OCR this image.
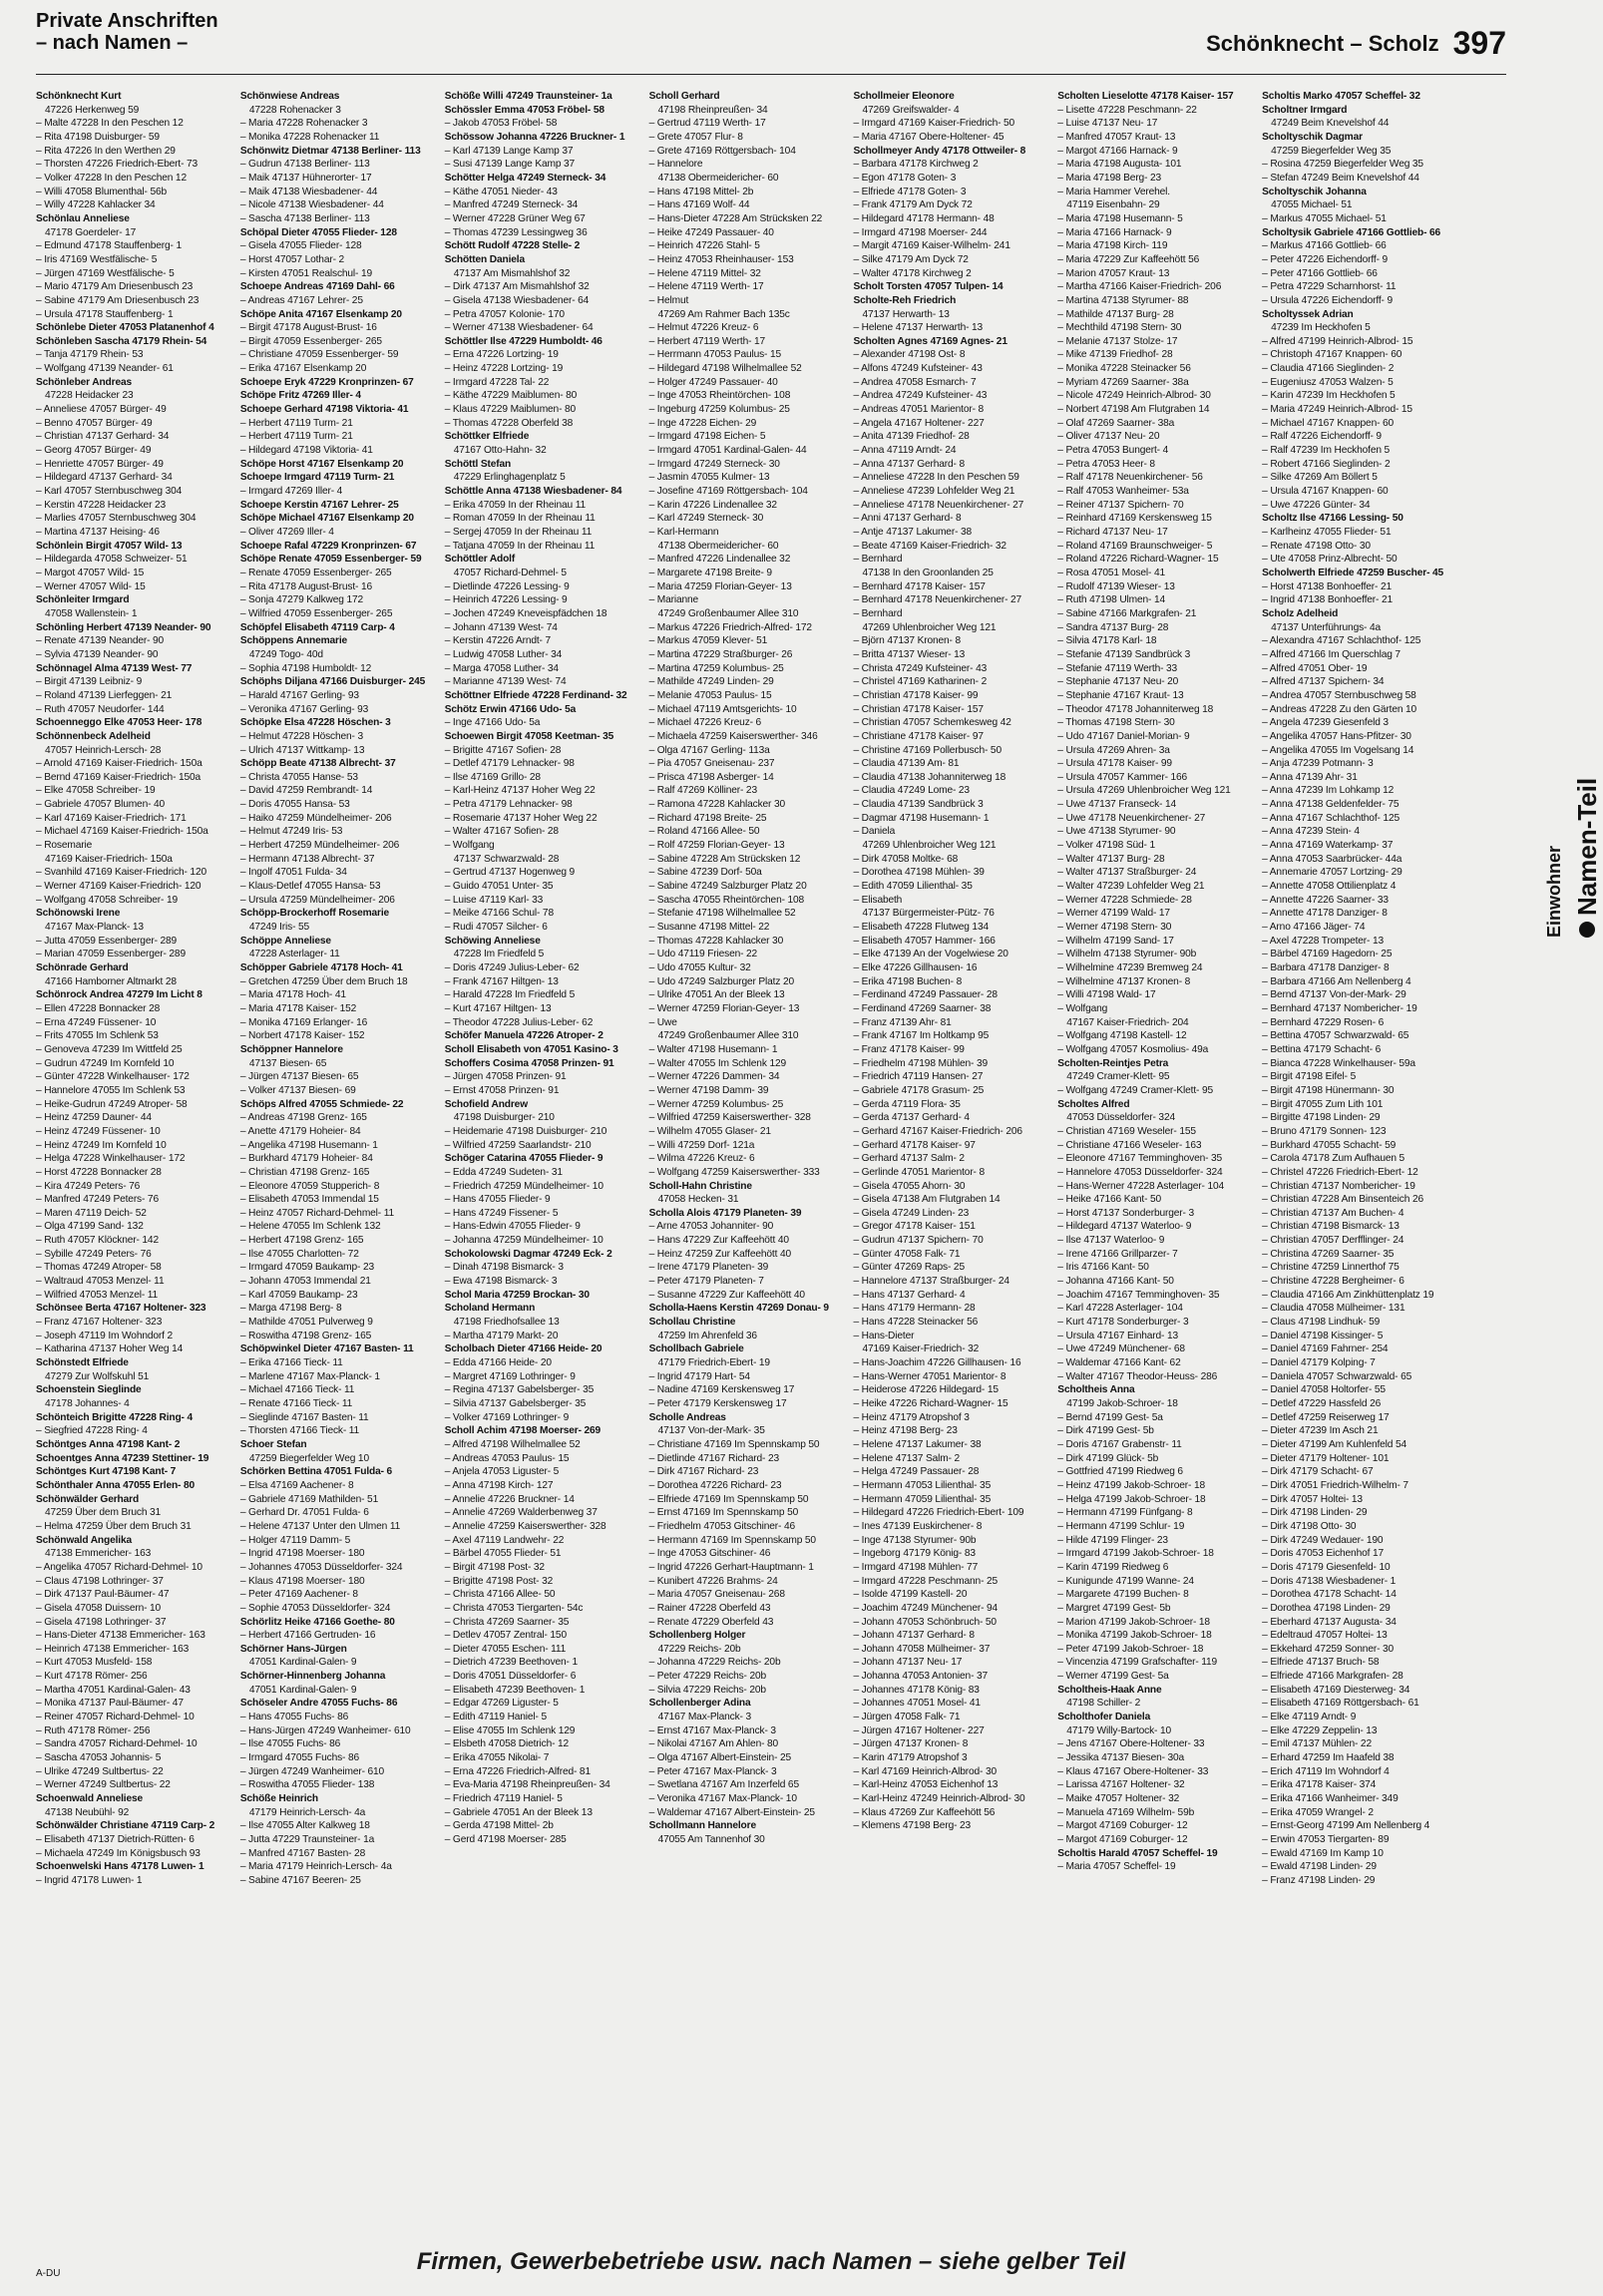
Private Anschriften
– nach Namen –	Schönknecht – Scholz 397
Schönknecht Kurt
47226 Herkenweg 59
– Malte 47228 In den Peschen 12
– Rita 47198 Duisburger- 59
– Rita 47226 In den Werthen 29
– Thorsten 47226 Friedrich-Ebert- 73
– Volker 47228 In den Peschen 12
– Willi 47058 Blumenthal- 56b
– Willy 47228 Kahlacker 34
Schönlau Anneliese
47178 Goerdeler- 17
– Edmund 47178 Stauffenberg- 1
– Iris 47169 Westfälische- 5
– Jürgen 47169 Westfälische- 5
– Mario 47179 Am Driesenbusch 23
– Sabine 47179 Am Driesenbusch 23
– Ursula 47178 Stauffenberg- 1
Schönlebe Dieter 47053 Platanenhof 4
Schönleben Sascha 47179 Rhein- 54
– Tanja 47179 Rhein- 53
– Wolfgang 47139 Neander- 61
Schönleber Andreas
47228 Heidacker 23
– Anneliese 47057 Bürger- 49
– Benno 47057 Bürger- 49
– Christian 47137 Gerhard- 34
– Georg 47057 Bürger- 49
– Henriette 47057 Bürger- 49
– Hildegard 47137 Gerhard- 34
– Karl 47057 Sternbuschweg 304
– Kerstin 47228 Heidacker 23
– Marlies 47057 Sternbuschweg 304
– Martina 47137 Heising- 46
Schönlein Birgit 47057 Wild- 13
– Hildegarda 47058 Schweizer- 51
– Margot 47057 Wild- 15
– Werner 47057 Wild- 15
Schönleiter Irmgard
47058 Wallenstein- 1
Schönling Herbert 47139 Neander- 90
– Renate 47139 Neander- 90
– Sylvia 47139 Neander- 90
Schönnagel Alma 47139 West- 77
– Birgit 47139 Leibniz- 9
– Roland 47139 Lierfeggen- 21
– Ruth 47057 Neudorfer- 144
Schoenneggo Elke 47053 Heer- 178
Schönnenbeck Adelheid
47057 Heinrich-Lersch- 28
– Arnold 47169 Kaiser-Friedrich- 150a
– Bernd 47169 Kaiser-Friedrich- 150a
– Elke 47058 Schreiber- 19
– Gabriele 47057 Blumen- 40
– Karl 47169 Kaiser-Friedrich- 171
– Michael 47169 Kaiser-Friedrich- 150a
– Rosemarie
47169 Kaiser-Friedrich- 150a
– Svanhild 47169 Kaiser-Friedrich- 120
– Werner 47169 Kaiser-Friedrich- 120
– Wolfgang 47058 Schreiber- 19
Schönowski Irene
47167 Max-Planck- 13
– Jutta 47059 Essenberger- 289
– Marian 47059 Essenberger- 289
Schönrade Gerhard
47166 Hamborner Altmarkt 28
Schönrock Andrea 47279 Im Licht 8
– Ellen 47228 Bonnacker 28
– Erna 47249 Füssener- 10
– Frits 47055 Im Schlenk 53
– Genoveva 47239 Im Wittfeld 25
– Gudrun 47249 Im Kornfeld 10
– Günter 47228 Winkelhauser- 172
– Hannelore 47055 Im Schlenk 53
– Heike-Gudrun 47249 Atroper- 58
– Heinz 47259 Dauner- 44
– Heinz 47249 Füssener- 10
– Heinz 47249 Im Kornfeld 10
– Helga 47228 Winkelhauser- 172
– Horst 47228 Bonnacker 28
– Kira 47249 Peters- 76
– Manfred 47249 Peters- 76
– Maren 47119 Deich- 52
– Olga 47199 Sand- 132
– Ruth 47057 Klöckner- 142
– Sybille 47249 Peters- 76
– Thomas 47249 Atroper- 58
– Waltraud 47053 Menzel- 11
– Wilfried 47053 Menzel- 11
Schönsee Berta 47167 Holtener- 323
– Franz 47167 Holtener- 323
– Joseph 47119 Im Wohndorf 2
– Katharina 47137 Hoher Weg 14
Schönstedt Elfriede
47279 Zur Wolfskuhl 51
Schoenstein Sieglinde
47178 Johannes- 4
Schönteich Brigitte 47228 Ring- 4
– Siegfried 47228 Ring- 4
Schöntges Anna 47198 Kant- 2
Schoentges Anna 47239 Stettiner- 19
Schöntges Kurt 47198 Kant- 7
Schönthaler Anna 47055 Erlen- 80
Schönwälder Gerhard
47259 Über dem Bruch 31
– Helma 47259 Über dem Bruch 31
Schönwald Angelika
47138 Emmericher- 163
– Angelika 47057 Richard-Dehmel- 10
– Claus 47198 Lothringer- 37
– Dirk 47137 Paul-Bäumer- 47
– Gisela 47058 Duissern- 10
– Gisela 47198 Lothringer- 37
– Hans-Dieter 47138 Emmericher- 163
– Heinrich 47138 Emmericher- 163
– Kurt 47053 Musfeld- 158
– Kurt 47178 Römer- 256
– Martha 47051 Kardinal-Galen- 43
– Monika 47137 Paul-Bäumer- 47
– Reiner 47057 Richard-Dehmel- 10
– Ruth 47178 Römer- 256
– Sandra 47057 Richard-Dehmel- 10
– Sascha 47053 Johannis- 5
– Ulrike 47249 Sultbertus- 22
– Werner 47249 Sultbertus- 22
Schoenwald Anneliese
47138 Neubühl- 92
Schönwälder Christiane 47119 Carp- 2
– Elisabeth 47137 Dietrich-Rütten- 6
– Michaela 47249 Im Königsbusch 93
Schoenwelski Hans 47178 Luwen- 1
– Ingrid 47178 Luwen- 1
Schönwiese Andreas
47228 Rohenacker 3
– Maria 47228 Rohenacker 3
– Monika 47228 Rohenacker 11
Schönwitz Dietmar 47138 Berliner- 113
– Gudrun 47138 Berliner- 113
– Maik 47137 Hühnerorter- 17
– Maik 47138 Wiesbadener- 44
– Nicole 47138 Wiesbadener- 44
– Sascha 47138 Berliner- 113
Schöpal Dieter 47055 Flieder- 128
– Gisela 47055 Flieder- 128
– Horst 47057 Lothar- 2
– Kirsten 47051 Realschul- 19
Schoepe Andreas 47169 Dahl- 66
– Andreas 47167 Lehrer- 25
Schöpe Anita 47167 Elsenkamp 20
– Birgit 47178 August-Brust- 16
– Birgit 47059 Essenberger- 265
– Christiane 47059 Essenberger- 59
– Erika 47167 Elsenkamp 20
Schoepe Eryk 47229 Kronprinzen- 67
Schöpe Fritz 47269 Iller- 4
Schoepe Gerhard 47198 Viktoria- 41
– Herbert 47119 Turm- 21
– Herbert 47119 Turm- 21
– Hildegard 47198 Viktoria- 41
Schöpe Horst 47167 Elsenkamp 20
Schoepe Irmgard 47119 Turm- 21
– Irmgard 47269 Iller- 4
Schoepe Kerstin 47167 Lehrer- 25
Schöpe Michael 47167 Elsenkamp 20
– Oliver 47269 Iller- 4
Schoepe Rafal 47229 Kronprinzen- 67
Schöpe Renate 47059 Essenberger- 59
– Renate 47059 Essenberger- 265
– Rita 47178 August-Brust- 16
– Sonja 47279 Kalkweg 172
– Wilfried 47059 Essenberger- 265
Schöpfel Elisabeth 47119 Carp- 4
Schöppens Annemarie
47249 Togo- 40d
– Sophia 47198 Humboldt- 12
Schöphs Diljana 47166 Duisburger- 245
– Harald 47167 Gerling- 93
– Veronika 47167 Gerling- 93
Schöpke Elsa 47228 Höschen- 3
– Helmut 47228 Höschen- 3
– Ulrich 47137 Wittkamp- 13
Schöpp Beate 47138 Albrecht- 37
– Christa 47055 Hanse- 53
– David 47259 Rembrandt- 14
– Doris 47055 Hansa- 53
– Haiko 47259 Mündelheimer- 206
– Helmut 47249 Iris- 53
– Herbert 47259 Mündelheimer- 206
– Hermann 47138 Albrecht- 37
– Ingolf 47051 Fulda- 34
– Klaus-Detlef 47055 Hansa- 53
– Ursula 47259 Mündelheimer- 206
Schöpp-Brockerhoff Rosemarie
47249 Iris- 55
Schöppe Anneliese
47228 Asterlager- 11
Schöpper Gabriele 47178 Hoch- 41
– Gretchen 47259 Über dem Bruch 18
– Maria 47178 Hoch- 41
– Maria 47178 Kaiser- 152
– Monika 47169 Erlanger- 16
– Norbert 47178 Kaiser- 152
Schöppner Hannelore
47137 Biesen- 65
– Jürgen 47137 Biesen- 65
– Volker 47137 Biesen- 69
Schöps Alfred 47055 Schmiede- 22
– Andreas 47198 Grenz- 165
– Anette 47179 Hoheier- 84
– Angelika 47198 Husemann- 1
– Burkhard 47179 Hoheier- 84
– Christian 47198 Grenz- 165
– Eleonore 47059 Stupperich- 8
– Elisabeth 47053 Immendal 15
– Heinz 47057 Richard-Dehmel- 11
– Helene 47055 Im Schlenk 132
– Herbert 47198 Grenz- 165
– Ilse 47055 Charlotten- 72
– Irmgard 47059 Baukamp- 23
– Johann 47053 Immendal 21
– Karl 47059 Baukamp- 23
– Marga 47198 Berg- 8
– Mathilde 47051 Pulverweg 9
– Roswitha 47198 Grenz- 165
Schöpwinkel Dieter 47167 Basten- 11
– Erika 47166 Tieck- 11
– Marlene 47167 Max-Planck- 1
– Michael 47166 Tieck- 11
– Renate 47166 Tieck- 11
– Sieglinde 47167 Basten- 11
– Thorsten 47166 Tieck- 11
Schoer Stefan
47259 Biegerfelder Weg 10
Schörken Bettina 47051 Fulda- 6
– Elsa 47169 Aachener- 8
– Gabriele 47169 Mathilden- 51
– Gerhard Dr. 47051 Fulda- 6
– Helene 47137 Unter den Ulmen 11
– Holger 47119 Damm- 5
– Ingrid 47198 Moerser- 180
– Johannes 47053 Düsseldorfer- 324
– Klaus 47198 Moerser- 180
– Peter 47169 Aachener- 8
– Sophie 47053 Düsseldorfer- 324
Schörlitz Heike 47166 Goethe- 80
– Herbert 47166 Gertruden- 16
Schörner Hans-Jürgen
47051 Kardinal-Galen- 9
Schörner-Hinnenberg Johanna
47051 Kardinal-Galen- 9
Schöseler Andre 47055 Fuchs- 86
– Hans 47055 Fuchs- 86
– Hans-Jürgen 47249 Wanheimer- 610
– Ilse 47055 Fuchs- 86
– Irmgard 47055 Fuchs- 86
– Jürgen 47249 Wanheimer- 610
– Roswitha 47055 Flieder- 138
Schöße Heinrich
47179 Heinrich-Lersch- 4a
– Ilse 47055 Alter Kalkweg 18
– Jutta 47229 Traunsteiner- 1a
– Manfred 47167 Basten- 28
– Maria 47179 Heinrich-Lersch- 4a
– Sabine 47167 Beeren- 25
Schöße Willi 47249 Traunsteiner- 1a
Schössler Emma 47053 Fröbel- 58
– Jakob 47053 Fröbel- 58
Schössow Johanna 47226 Bruckner- 1
– Karl 47139 Lange Kamp 37
– Susi 47139 Lange Kamp 37
Schötter Helga 47249 Sterneck- 34
– Käthe 47051 Nieder- 43
– Manfred 47249 Sterneck- 34
– Werner 47228 Grüner Weg 67
– Thomas 47239 Lessingweg 36
Schött Rudolf 47228 Stelle- 2
Schötten Daniela
47137 Am Mismahlshof 32
– Dirk 47137 Am Mismahlshof 32
– Gisela 47138 Wiesbadener- 64
– Petra 47057 Kolonie- 170
– Werner 47138 Wiesbadener- 64
Schöttler Ilse 47229 Humboldt- 46
– Erna 47226 Lortzing- 19
– Heinz 47228 Lortzing- 19
– Irmgard 47228 Tal- 22
– Käthe 47229 Maiblumen- 80
– Klaus 47229 Maiblumen- 80
– Thomas 47228 Oberfeld 38
Schöttker Elfriede
47167 Otto-Hahn- 32
Schöttl Stefan
47229 Erlinghagenplatz 5
Schöttle Anna 47138 Wiesbadener- 84
– Erika 47059 In der Rheinau 11
– Roman 47059 In der Rheinau 11
– Sergej 47059 In der Rheinau 11
– Tatjana 47059 In der Rheinau 11
Schöttler Adolf
47057 Richard-Dehmel- 5
– Dietlinde 47226 Lessing- 9
– Heinrich 47226 Lessing- 9
– Jochen 47249 Kneveispfädchen 18
– Johann 47139 West- 74
– Kerstin 47226 Arndt- 7
– Ludwig 47058 Luther- 34
– Marga 47058 Luther- 34
– Marianne 47139 West- 74
Schöttner Elfriede 47228 Ferdinand- 32
Schötz Erwin 47166 Udo- 5a
– Inge 47166 Udo- 5a
Schoewen Birgit 47058 Keetman- 35
– Brigitte 47167 Sofien- 28
– Detlef 47179 Lehnacker- 98
– Ilse 47169 Grillo- 28
– Karl-Heinz 47137 Hoher Weg 22
– Petra 47179 Lehnacker- 98
– Rosemarie 47137 Hoher Weg 22
– Walter 47167 Sofien- 28
– Wolfgang
47137 Schwarzwald- 28
– Gertrud 47137 Hogenweg 9
– Guido 47051 Unter- 35
– Luise 47119 Karl- 33
– Meike 47166 Schul- 78
– Rudi 47057 Silcher- 6
Schöwing Anneliese
47228 Im Friedfeld 5
– Doris 47249 Julius-Leber- 62
– Frank 47167 Hiltgen- 13
– Harald 47228 Im Friedfeld 5
– Kurt 47167 Hiltgen- 13
– Theodor 47228 Julius-Leber- 62
Schöfer Manuela 47226 Atroper- 2
Scholl Elisabeth von 47051 Kasino- 3
Schoffers Cosima 47058 Prinzen- 91
– Jürgen 47058 Prinzen- 91
– Ernst 47058 Prinzen- 91
Schofield Andrew
47198 Duisburger- 210
– Heidemarie 47198 Duisburger- 210
– Wilfried 47259 Saarlandstr- 210
Schöger Catarina 47055 Flieder- 9
– Edda 47249 Sudeten- 31
– Friedrich 47259 Mündelheimer- 10
– Hans 47055 Flieder- 9
– Hans 47249 Fissener- 5
– Hans-Edwin 47055 Flieder- 9
– Johanna 47259 Mündelheimer- 10
Schokolowski Dagmar 47249 Eck- 2
– Dinah 47198 Bismarck- 3
– Ewa 47198 Bismarck- 3
Schol Maria 47259 Brockan- 30
Scholand Hermann
47198 Friedhofsallee 13
– Martha 47179 Markt- 20
Scholbach Dieter 47166 Heide- 20
– Edda 47166 Heide- 20
– Margret 47169 Lothringer- 9
– Regina 47137 Gabelsberger- 35
– Silvia 47137 Gabelsberger- 35
– Volker 47169 Lothringer- 9
Scholl Achim 47198 Moerser- 269
– Alfred 47198 Wilhelmallee 52
– Andreas 47053 Paulus- 15
– Anjela 47053 Liguster- 5
– Anna 47198 Kirch- 127
– Annelie 47226 Bruckner- 14
– Annelie 47269 Walderbenweg 37
– Annelie 47259 Kaiserswerther- 328
– Axel 47119 Landwehr- 22
– Bärbel 47055 Flieder- 51
– Birgit 47198 Post- 32
– Brigitte 47198 Post- 32
– Christa 47166 Allee- 50
– Christa 47053 Tiergarten- 54c
– Christa 47269 Saarner- 35
– Detlev 47057 Zentral- 150
– Dieter 47055 Eschen- 111
– Dietrich 47239 Beethoven- 1
– Doris 47051 Düsseldorfer- 6
– Elisabeth 47239 Beethoven- 1
– Edgar 47269 Liguster- 5
– Edith 47119 Haniel- 5
– Elise 47055 Im Schlenk 129
– Elsbeth 47058 Dietrich- 12
– Erika 47055 Nikolai- 7
– Erna 47226 Friedrich-Alfred- 81
– Eva-Maria 47198 Rheinpreußen- 34
– Friedrich 47119 Haniel- 5
– Gabriele 47051 An der Bleek 13
– Gerda 47198 Mittel- 2b
– Gerd 47198 Moerser- 285
Scholl Gerhard
47198 Rheinpreußen- 34
– Gertrud 47119 Werth- 17
– Grete 47057 Flur- 8
– Grete 47169 Röttgersbach- 104
– Hannelore
47138 Obermeidericher- 60
– Hans 47198 Mittel- 2b
– Hans 47169 Wolf- 44
– Hans-Dieter 47228 Am Strücksken 22
– Heike 47249 Passauer- 40
– Heinrich 47226 Stahl- 5
– Heinz 47053 Rheinhauser- 153
– Helene 47119 Mittel- 32
– Helene 47119 Werth- 17
– Helmut
47269 Am Rahmer Bach 135c
– Helmut 47226 Kreuz- 6
– Herbert 47119 Werth- 17
– Herrmann 47053 Paulus- 15
– Hildegard 47198 Wilhelmallee 52
– Holger 47249 Passauer- 40
– Inge 47053 Rheintörchen- 108
– Ingeburg 47259 Kolumbus- 25
– Inge 47228 Eichen- 29
– Irmgard 47198 Eichen- 5
– Irmgard 47051 Kardinal-Galen- 44
– Irmgard 47249 Sterneck- 30
– Jasmin 47055 Kulmer- 13
– Josefine 47169 Röttgersbach- 104
– Karin 47226 Lindenallee 32
– Karl 47249 Sterneck- 30
– Karl-Hermann
47138 Obermeidericher- 60
– Manfred 47226 Lindenallee 32
– Margarete 47198 Breite- 9
– Maria 47259 Florian-Geyer- 13
– Marianne
47249 Großenbaumer Allee 310
– Markus 47226 Friedrich-Alfred- 172
– Markus 47059 Klever- 51
– Martina 47229 Straßburger- 26
– Martina 47259 Kolumbus- 25
– Mathilde 47249 Linden- 29
– Melanie 47053 Paulus- 15
– Michael 47119 Amtsgerichts- 10
– Michael 47226 Kreuz- 6
– Michaela 47259 Kaiserswerther- 346
– Olga 47167 Gerling- 113a
– Pia 47057 Gneisenau- 237
– Prisca 47198 Asberger- 14
– Ralf 47269 Kölliner- 23
– Ramona 47228 Kahlacker 30
– Richard 47198 Breite- 25
– Roland 47166 Allee- 50
– Rolf 47259 Florian-Geyer- 13
– Sabine 47228 Am Strücksken 12
– Sabine 47239 Dorf- 50a
– Sabine 47249 Salzburger Platz 20
– Sascha 47055 Rheintörchen- 108
– Stefanie 47198 Wilhelmallee 52
– Susanne 47198 Mittel- 22
– Thomas 47228 Kahlacker 30
– Udo 47119 Friesen- 22
– Udo 47055 Kultur- 32
– Udo 47249 Salzburger Platz 20
– Ulrike 47051 An der Bleek 13
– Werner 47259 Florian-Geyer- 13
– Uwe
47249 Großenbaumer Allee 310
– Walter 47198 Husemann- 1
– Walter 47055 Im Schlenk 129
– Werner 47226 Dammen- 34
– Werner 47198 Damm- 39
– Werner 47259 Kolumbus- 25
– Wilfried 47259 Kaiserswerther- 328
– Wilhelm 47055 Glaser- 21
– Willi 47259 Dorf- 121a
– Wilma 47226 Kreuz- 6
– Wolfgang 47259 Kaiserswerther- 333
Scholl-Hahn Christine
47058 Hecken- 31
Scholla Alois 47179 Planeten- 39
– Arne 47053 Johanniter- 90
– Hans 47229 Zur Kaffeehött 40
– Heinz 47259 Zur Kaffeehött 40
– Irene 47179 Planeten- 39
– Peter 47179 Planeten- 7
– Susanne 47229 Zur Kaffeehött 40
Scholla-Haens Kerstin 47269 Donau- 9
Schollau Christine
47259 Im Ahrenfeld 36
Schollbach Gabriele
47179 Friedrich-Ebert- 19
– Ingrid 47179 Hart- 54
– Nadine 47169 Kerskensweg 17
– Peter 47179 Kerskensweg 17
Scholle Andreas
47137 Von-der-Mark- 35
– Christiane 47169 Im Spennskamp 50
– Dietlinde 47167 Richard- 23
– Dirk 47167 Richard- 23
– Dorothea 47226 Richard- 23
– Elfriede 47169 Im Spennskamp 50
– Ernst 47169 Im Spennskamp 50
– Friedhelm 47053 Gitschiner- 46
– Hermann 47169 Im Spennskamp 50
– Inge 47053 Gitschiner- 46
– Ingrid 47226 Gerhart-Hauptmann- 1
– Kunibert 47226 Brahms- 24
– Maria 47057 Gneisenau- 268
– Rainer 47228 Oberfeld 43
– Renate 47229 Oberfeld 43
Schollenberg Holger
47229 Reichs- 20b
– Johanna 47229 Reichs- 20b
– Peter 47229 Reichs- 20b
– Silvia 47229 Reichs- 20b
Schollenberger Adina
47167 Max-Planck- 3
– Ernst 47167 Max-Planck- 3
– Nikolai 47167 Am Ahlen- 80
– Olga 47167 Albert-Einstein- 25
– Peter 47167 Max-Planck- 3
– Swetlana 47167 Am Inzerfeld 65
– Veronika 47167 Max-Planck- 10
– Waldemar 47167 Albert-Einstein- 25
Schollmann Hannelore
47055 Am Tannenhof 30
Schollmeier Eleonore
47269 Greifswalder- 4
– Irmgard 47169 Kaiser-Friedrich- 50
– Maria 47167 Obere-Holtener- 45
Schollmeyer Andy 47178 Ottweiler- 8
– Barbara 47178 Kirchweg 2
– Egon 47178 Goten- 3
– Elfriede 47178 Goten- 3
– Frank 47179 Am Dyck 72
– Hildegard 47178 Hermann- 48
– Irmgard 47198 Moerser- 244
– Margit 47169 Kaiser-Wilhelm- 241
– Silke 47179 Am Dyck 72
– Walter 47178 Kirchweg 2
Scholt Torsten 47057 Tulpen- 14
Scholte-Reh Friedrich
47137 Herwarth- 13
– Helene 47137 Herwarth- 13
Scholten Agnes 47169 Agnes- 21
– Alexander 47198 Ost- 8
– Alfons 47249 Kufsteiner- 43
– Andrea 47058 Esmarch- 7
– Andrea 47249 Kufsteiner- 43
– Andreas 47051 Marientor- 8
– Angela 47167 Holtener- 227
– Anita 47139 Friedhof- 28
– Anna 47119 Arndt- 24
– Anna 47137 Gerhard- 8
– Anneliese 47228 In den Peschen 59
– Anneliese 47239 Lohfelder Weg 21
– Anneliese 47178 Neuenkirchener- 27
– Anni 47137 Gerhard- 8
– Antje 47137 Lakumer- 38
– Beate 47169 Kaiser-Friedrich- 32
– Bernhard
47138 In den Groonlanden 25
– Bernhard 47178 Kaiser- 157
– Bernhard 47178 Neuenkirchener- 27
– Bernhard
47269 Uhlenbroicher Weg 121
– Björn 47137 Kronen- 8
– Britta 47137 Wieser- 13
– Christa 47249 Kufsteiner- 43
– Christel 47169 Katharinen- 2
– Christian 47178 Kaiser- 99
– Christian 47178 Kaiser- 157
– Christian 47057 Schemkesweg 42
– Christiane 47178 Kaiser- 97
– Christine 47169 Pollerbusch- 50
– Claudia 47139 Am- 81
– Claudia 47138 Johanniterweg 18
– Claudia 47249 Lome- 23
– Claudia 47139 Sandbrück 3
– Dagmar 47198 Husemann- 1
– Daniela
47269 Uhlenbroicher Weg 121
– Dirk 47058 Moltke- 68
– Dorothea 47198 Mühlen- 39
– Edith 47059 Lilienthal- 35
– Elisabeth
47137 Bürgermeister-Pütz- 76
– Elisabeth 47228 Flutweg 134
– Elisabeth 47057 Hammer- 166
– Elke 47139 An der Vogelwiese 20
– Elke 47226 Gillhausen- 16
– Erika 47198 Buchen- 8
– Ferdinand 47249 Passauer- 28
– Ferdinand 47269 Saarner- 38
– Franz 47139 Ahr- 81
– Frank 47167 Im Holtkamp 95
– Franz 47178 Kaiser- 99
– Friedhelm 47198 Mühlen- 39
– Friedrich 47119 Hansen- 27
– Gabriele 47178 Grasum- 25
– Gerda 47119 Flora- 35
– Gerda 47137 Gerhard- 4
– Gerhard 47167 Kaiser-Friedrich- 206
– Gerhard 47178 Kaiser- 97
– Gerhard 47137 Salm- 2
– Gerlinde 47051 Marientor- 8
– Gisela 47055 Ahorn- 30
– Gisela 47138 Am Flutgraben 14
– Gisela 47249 Linden- 23
– Gregor 47178 Kaiser- 151
– Gudrun 47137 Spichern- 70
– Günter 47058 Falk- 71
– Günter 47269 Raps- 25
– Hannelore 47137 Straßburger- 24
– Hans 47137 Gerhard- 4
– Hans 47179 Hermann- 28
– Hans 47228 Steinacker 56
– Hans-Dieter
47169 Kaiser-Friedrich- 32
– Hans-Joachim 47226 Gillhausen- 16
– Hans-Werner 47051 Marientor- 8
– Heiderose 47226 Hildegard- 15
– Heike 47226 Richard-Wagner- 15
– Heinz 47179 Atropshof 3
– Heinz 47198 Berg- 23
– Helene 47137 Lakumer- 38
– Helene 47137 Salm- 2
– Helga 47249 Passauer- 28
– Hermann 47053 Lilienthal- 35
– Hermann 47059 Lilienthal- 35
– Hildegard 47226 Friedrich-Ebert- 109
– Ines 47139 Euskirchener- 8
– Inge 47138 Styrumer- 90b
– Ingeborg 47179 König- 83
– Irmgard 47198 Mühlen- 77
– Irmgard 47228 Peschmann- 25
– Isolde 47199 Kastell- 20
– Joachim 47249 Münchener- 94
– Johann 47053 Schönbruch- 50
– Johann 47137 Gerhard- 8
– Johann 47058 Mülheimer- 37
– Johann 47137 Neu- 17
– Johanna 47053 Antonien- 37
– Johannes 47178 König- 83
– Johannes 47051 Mosel- 41
– Jürgen 47058 Falk- 71
– Jürgen 47167 Holtener- 227
– Jürgen 47137 Kronen- 8
– Karin 47179 Atropshof 3
– Karl 47169 Heinrich-Albrod- 30
– Karl-Heinz 47053 Eichenhof 13
– Karl-Heinz 47249 Heinrich-Albrod- 30
– Klaus 47269 Zur Kaffeehött 56
– Klemens 47198 Berg- 23
Scholten Lieselotte 47178 Kaiser- 157
– Lisette 47228 Peschmann- 22
– Luise 47137 Neu- 17
– Manfred 47057 Kraut- 13
– Margot 47166 Harnack- 9
– Maria 47198 Augusta- 101
– Maria 47198 Berg- 23
– Maria Hammer Verehel.
47119 Eisenbahn- 29
– Maria 47198 Husemann- 5
– Maria 47166 Harnack- 9
– Maria 47198 Kirch- 119
– Maria 47229 Zur Kaffeehött 56
– Marion 47057 Kraut- 13
– Martha 47166 Kaiser-Friedrich- 206
– Martina 47138 Styrumer- 88
– Mathilde 47137 Burg- 28
– Mechthild 47198 Stern- 30
– Melanie 47137 Stolze- 17
– Mike 47139 Friedhof- 28
– Monika 47228 Steinacker 56
– Myriam 47269 Saarner- 38a
– Nicole 47249 Heinrich-Albrod- 30
– Norbert 47198 Am Flutgraben 14
– Olaf 47269 Saarner- 38a
– Oliver 47137 Neu- 20
– Petra 47053 Bungert- 4
– Petra 47053 Heer- 8
– Ralf 47178 Neuenkirchener- 56
– Ralf 47053 Wanheimer- 53a
– Reiner 47137 Spichern- 70
– Reinhard 47169 Kerskensweg 15
– Richard 47137 Neu- 17
– Roland 47169 Braunschweiger- 5
– Roland 47226 Richard-Wagner- 15
– Rosa 47051 Mosel- 41
– Rudolf 47139 Wieser- 13
– Ruth 47198 Ulmen- 14
– Sabine 47166 Markgrafen- 21
– Sandra 47137 Burg- 28
– Silvia 47178 Karl- 18
– Stefanie 47139 Sandbrück 3
– Stefanie 47119 Werth- 33
– Stephanie 47137 Neu- 20
– Stephanie 47167 Kraut- 13
– Theodor 47178 Johanniterweg 18
– Thomas 47198 Stern- 30
– Udo 47167 Daniel-Morian- 9
– Ursula 47269 Ahren- 3a
– Ursula 47178 Kaiser- 99
– Ursula 47057 Kammer- 166
– Ursula 47269 Uhlenbroicher Weg 121
– Uwe 47137 Franseck- 14
– Uwe 47178 Neuenkirchener- 27
– Uwe 47138 Styrumer- 90
– Volker 47198 Süd- 1
– Walter 47137 Burg- 28
– Walter 47137 Straßburger- 24
– Walter 47239 Lohfelder Weg 21
– Werner 47228 Schmiede- 28
– Werner 47199 Wald- 17
– Werner 47198 Stern- 30
– Wilhelm 47199 Sand- 17
– Wilhelm 47138 Styrumer- 90b
– Wilhelmine 47239 Bremweg 24
– Wilhelmine 47137 Kronen- 8
– Willi 47198 Wald- 17
– Wolfgang
47167 Kaiser-Friedrich- 204
– Wolfgang 47198 Kastell- 12
– Wolfgang 47057 Kosmolius- 49a
Scholten-Reintjes Petra
47249 Cramer-Klett- 95
– Wolfgang 47249 Cramer-Klett- 95
Scholtes Alfred
47053 Düsseldorfer- 324
– Christian 47169 Weseler- 155
– Christiane 47166 Weseler- 163
– Eleonore 47167 Temminghoven- 35
– Hannelore 47053 Düsseldorfer- 324
– Hans-Werner 47228 Asterlager- 104
– Heike 47166 Kant- 50
– Horst 47137 Sonderburger- 3
– Hildegard 47137 Waterloo- 9
– Ilse 47137 Waterloo- 9
– Irene 47166 Grillparzer- 7
– Iris 47166 Kant- 50
– Johanna 47166 Kant- 50
– Joachim 47167 Temminghoven- 35
– Karl 47228 Asterlager- 104
– Kurt 47178 Sonderburger- 3
– Ursula 47167 Einhard- 13
– Uwe 47249 Münchener- 68
– Waldemar 47166 Kant- 62
– Walter 47167 Theodor-Heuss- 286
Scholtheis Anna
47199 Jakob-Schroer- 18
– Bernd 47199 Gest- 5a
– Dirk 47199 Gest- 5b
– Doris 47167 Grabenstr- 11
– Dirk 47199 Glück- 5b
– Gottfried 47199 Riedweg 6
– Heinz 47199 Jakob-Schroer- 18
– Helga 47199 Jakob-Schroer- 18
– Hermann 47199 Fünfgang- 8
– Hermann 47199 Schlur- 19
– Hilde 47199 Flinger- 23
– Irmgard 47199 Jakob-Schroer- 18
– Karin 47199 Riedweg 6
– Kunigunde 47199 Wanne- 24
– Margarete 47199 Buchen- 8
– Margret 47199 Gest- 5b
– Marion 47199 Jakob-Schroer- 18
– Monika 47199 Jakob-Schroer- 18
– Peter 47199 Jakob-Schroer- 18
– Vincenzia 47199 Grafschafter- 119
– Werner 47199 Gest- 5a
Scholtheis-Haak Anne
47198 Schiller- 2
Scholthofer Daniela
47179 Willy-Bartock- 10
– Jens 47167 Obere-Holtener- 33
– Jessika 47137 Biesen- 30a
– Klaus 47167 Obere-Holtener- 33
– Larissa 47167 Holtener- 32
– Maike 47057 Holtener- 32
– Manuela 47169 Wilhelm- 59b
– Margot 47169 Coburger- 12
– Margot 47169 Coburger- 12
Scholtis Harald 47057 Scheffel- 19
– Maria 47057 Scheffel- 19
Scholtis Marko 47057 Scheffel- 32
Scholtner Irmgard
47249 Beim Knevelshof 44
Scholtyschik Dagmar
47259 Biegerfelder Weg 35
– Rosina 47259 Biegerfelder Weg 35
– Stefan 47249 Beim Knevelshof 44
Scholtyschik Johanna
47055 Michael- 51
– Markus 47055 Michael- 51
Scholtysik Gabriele 47166 Gottlieb- 66
– Markus 47166 Gottlieb- 66
– Peter 47226 Eichendorff- 9
– Peter 47166 Gottlieb- 66
– Petra 47229 Scharnhorst- 11
– Ursula 47226 Eichendorff- 9
Scholtyssek Adrian
47239 Im Heckhofen 5
– Alfred 47199 Heinrich-Albrod- 15
– Christoph 47167 Knappen- 60
– Claudia 47166 Sieglinden- 2
– Eugeniusz 47053 Walzen- 5
– Karin 47239 Im Heckhofen 5
– Maria 47249 Heinrich-Albrod- 15
– Michael 47167 Knappen- 60
– Ralf 47226 Eichendorff- 9
– Ralf 47239 Im Heckhofen 5
– Robert 47166 Sieglinden- 2
– Silke 47269 Am Böllert 5
– Ursula 47167 Knappen- 60
– Uwe 47226 Günter- 34
Scholtz Ilse 47166 Lessing- 50
– Karlheinz 47055 Flieder- 51
– Renate 47198 Otto- 30
– Ute 47058 Prinz-Albrecht- 50
Scholwerth Elfriede 47259 Buscher- 45
– Horst 47138 Bonhoeffer- 21
– Ingrid 47138 Bonhoeffer- 21
Scholz Adelheid
47137 Unterführungs- 4a
– Alexandra 47167 Schlachthof- 125
– Alfred 47166 Im Querschlag 7
– Alfred 47051 Ober- 19
– Alfred 47137 Spichern- 34
– Andrea 47057 Sternbuschweg 58
– Andreas 47228 Zu den Gärten 10
– Angela 47239 Giesenfeld 3
– Angelika 47057 Hans-Pfitzer- 30
– Angelika 47055 Im Vogelsang 14
– Anja 47239 Potmann- 3
– Anna 47139 Ahr- 31
– Anna 47239 Im Lohkamp 12
– Anna 47138 Geldenfelder- 75
– Anna 47167 Schlachthof- 125
– Anna 47239 Stein- 4
– Anna 47169 Waterkamp- 37
– Anna 47053 Saarbrücker- 44a
– Annemarie 47057 Lortzing- 29
– Annette 47058 Ottilienplatz 4
– Annette 47226 Saarner- 33
– Annette 47178 Danziger- 8
– Arno 47166 Jäger- 74
– Axel 47228 Trompeter- 13
– Bärbel 47169 Hagedorn- 25
– Barbara 47178 Danziger- 8
– Barbara 47166 Am Nellenberg 4
– Bernd 47137 Von-der-Mark- 29
– Bernhard 47137 Nombericher- 19
– Bernhard 47229 Rosen- 6
– Bettina 47057 Schwarzwald- 65
– Bettina 47179 Schacht- 6
– Bianca 47228 Winkelhauser- 59a
– Birgit 47198 Eifel- 5
– Birgit 47198 Hünermann- 30
– Birgit 47055 Zum Lith 101
– Birgitte 47198 Linden- 29
– Bruno 47179 Sonnen- 123
– Burkhard 47055 Schacht- 59
– Carola 47178 Zum Aufhauen 5
– Christel 47226 Friedrich-Ebert- 12
– Christian 47137 Nombericher- 19
– Christian 47228 Am Binsenteich 26
– Christian 47137 Am Buchen- 4
– Christian 47198 Bismarck- 13
– Christian 47057 Derfflinger- 24
– Christina 47269 Saarner- 35
– Christine 47259 Linnerthof 75
– Christine 47228 Bergheimer- 6
– Claudia 47166 Am Zinkhüttenplatz 19
– Claudia 47058 Mülheimer- 131
– Claus 47198 Lindhuk- 59
– Daniel 47198 Kissinger- 5
– Daniel 47169 Fahrner- 254
– Daniel 47179 Kolping- 7
– Daniela 47057 Schwarzwald- 65
– Daniel 47058 Holtorfer- 55
– Detlef 47229 Hassfeld 26
– Detlef 47259 Reiserweg 17
– Dieter 47239 Im Asch 21
– Dieter 47199 Am Kuhlenfeld 54
– Dieter 47179 Holtener- 101
– Dirk 47179 Schacht- 67
– Dirk 47051 Friedrich-Wilhelm- 7
– Dirk 47057 Holtei- 13
– Dirk 47198 Linden- 29
– Dirk 47198 Otto- 30
– Dirk 47249 Wedauer- 190
– Doris 47053 Eichenhof 17
– Doris 47179 Giesenfeld- 10
– Doris 47138 Wiesbadener- 1
– Dorothea 47178 Schacht- 14
– Dorothea 47198 Linden- 29
– Eberhard 47137 Augusta- 34
– Edeltraud 47057 Holtei- 13
– Ekkehard 47259 Sonner- 30
– Elfriede 47137 Bruch- 58
– Elfriede 47166 Markgrafen- 28
– Elisabeth 47169 Diesterweg- 34
– Elisabeth 47169 Röttgersbach- 61
– Elke 47119 Arndt- 9
– Elke 47229 Zeppelin- 13
– Emil 47137 Mühlen- 22
– Erhard 47259 Im Haafeld 38
– Erich 47119 Im Wohndorf 4
– Erika 47178 Kaiser- 374
– Erika 47166 Wanheimer- 349
– Erika 47059 Wrangel- 2
– Ernst-Georg 47199 Am Nellenberg 4
– Erwin 47053 Tiergarten- 89
– Ewald 47169 Im Kamp 10
– Ewald 47198 Linden- 29
– Franz 47198 Linden- 29
Einwohner Namen-Teil
A-DU	Firmen, Gewerbebetriebe usw. nach Namen – siehe gelber Teil
